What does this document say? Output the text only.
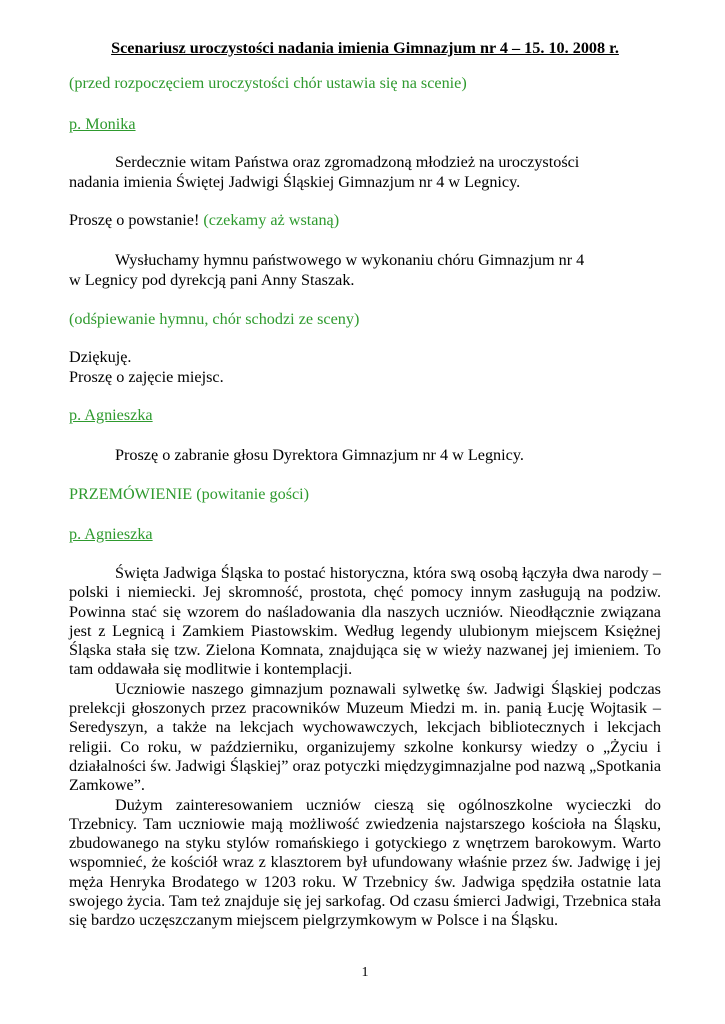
Scenariusz uroczystości nadania imienia Gimnazjum nr 4 – 15. 10. 2008 r.
(przed rozpoczęciem uroczystości chór ustawia się na scenie)
p. Monika
Serdecznie witam Państwa oraz zgromadzoną młodzież na uroczystości
nadania imienia Świętej Jadwigi Śląskiej Gimnazjum nr 4 w Legnicy.
Proszę o powstanie! (czekamy aż wstaną)
Wysłuchamy hymnu państwowego w wykonaniu chóru Gimnazjum nr 4
w Legnicy pod dyrekcją pani Anny Staszak.
(odśpiewanie hymnu, chór schodzi ze sceny)
Dziękuję.
Proszę o zajęcie miejsc.
p. Agnieszka
Proszę o zabranie głosu Dyrektora Gimnazjum nr 4 w Legnicy.
PRZEMÓWIENIE (powitanie gości)
p. Agnieszka

Święta Jadwiga Śląska to postać historyczna, która swą osobą łączyła dwa narody – polski i niemiecki. Jej skromność, prostota, chęć pomocy innym zasługują na podziw. Powinna stać się wzorem do naśladowania dla naszych uczniów. Nieodłącznie związana jest z Legnicą i Zamkiem Piastowskim. Według legendy ulubionym miejscem Księżnej Śląska stała się tzw. Zielona Komnata, znajdująca się w wieży nazwanej jej imieniem. To tam oddawała się modlitwie i kontemplacji.

Uczniowie naszego gimnazjum poznawali sylwetkę św. Jadwigi Śląskiej podczas prelekcji głoszonych przez pracowników Muzeum Miedzi m. in. panią Łucję Wojtasik – Seredyszyn, a także na lekcjach wychowawczych, lekcjach bibliotecznych i lekcjach religii. Co roku, w październiku, organizujemy szkolne konkursy wiedzy o „Życiu i działalności św. Jadwigi Śląskiej” oraz potyczki międzygimnazjalne pod nazwą „Spotkania Zamkowe”.

Dużym zainteresowaniem uczniów cieszą się ogólnoszkolne wycieczki do Trzebnicy. Tam uczniowie mają możliwość zwiedzenia najstarszego kościoła na Śląsku, zbudowanego na styku stylów romańskiego i gotyckiego z wnętrzem barokowym. Warto wspomnieć, że kościół wraz z klasztorem był ufundowany właśnie przez św. Jadwigę i jej męża Henryka Brodatego w 1203 roku. W Trzebnicy św. Jadwiga spędziła ostatnie lata swojego życia. Tam też znajduje się jej sarkofag. Od czasu śmierci Jadwigi, Trzebnica stała się bardzo uczęszczanym miejscem pielgrzymkowym w Polsce i na Śląsku.

1
